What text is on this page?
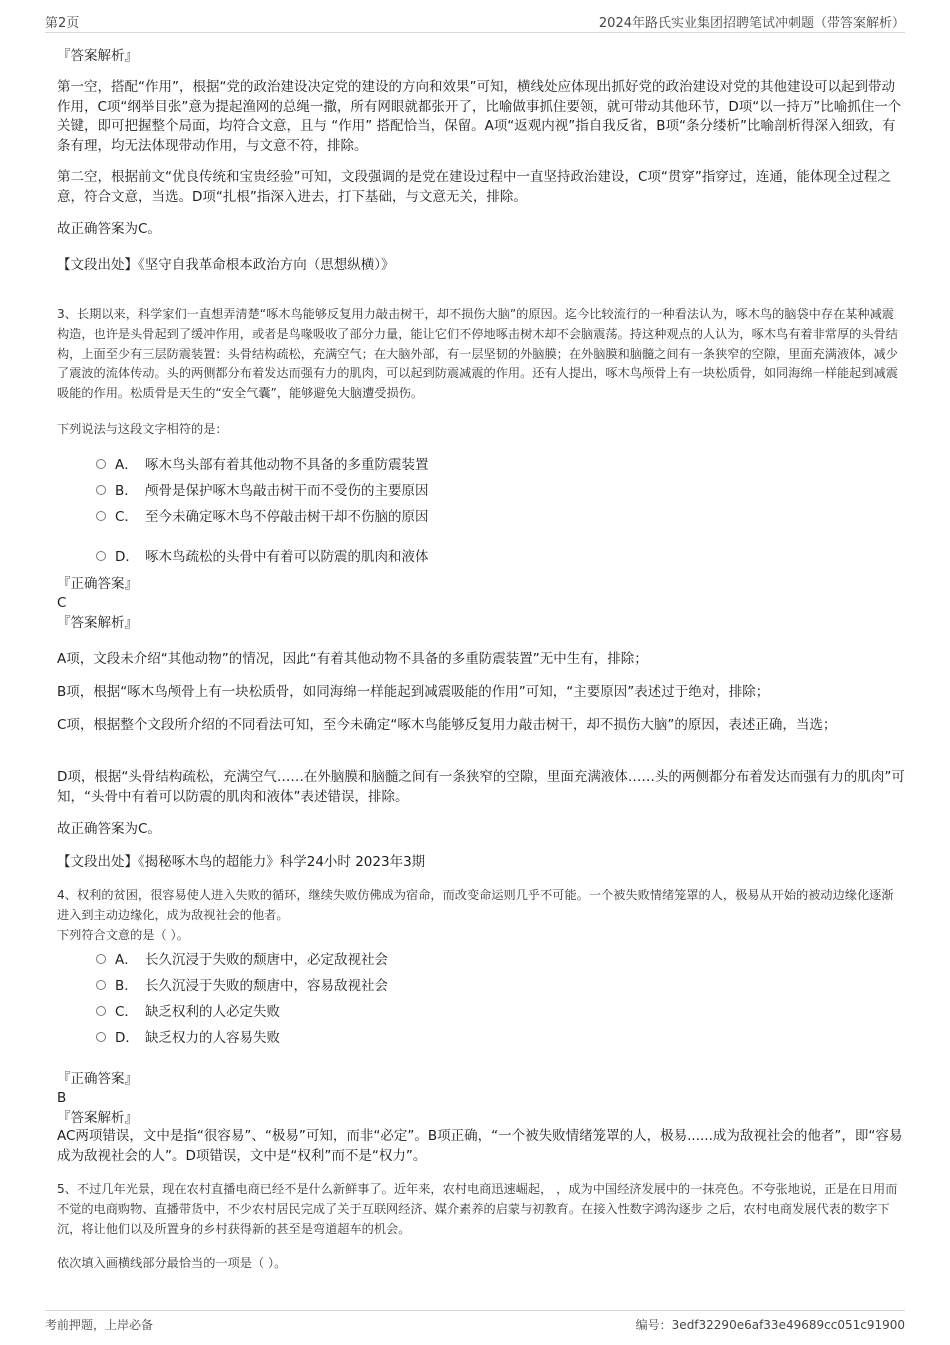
第2页	2024年路氏实业集团招聘笔试冲刺题（带答案解析）

『答案解析』

第一空，搭配“作用”，根据“党的政治建设决定党的建设的方向和效果”可知，横线处应体现出抓好党的政治建设对党的其他建设可以起到带动作用，C项“纲举目张”意为提起渔网的总绳一撒，所有网眼就都张开了，比喻做事抓住要领，就可带动其他环节，D项“以一持万”比喻抓住一个关键，即可把握整个局面，均符合文意，且与 “作用” 搭配恰当，保留。A项“返观内视”指自我反省，B项“条分缕析”比喻剖析得深入细致，有条有理，均无法体现带动作用，与文意不符，排除。

第二空，根据前文“优良传统和宝贵经验”可知，文段强调的是党在建设过程中一直坚持政治建设，C项“贯穿”指穿过，连通，能体现全过程之意，符合文意，当选。D项“扎根”指深入进去，打下基础，与文意无关，排除。

故正确答案为C。

【文段出处】《坚守自我革命根本政治方向（思想纵横）》

3、长期以来，科学家们一直想弄清楚“啄木鸟能够反复用力敲击树干，却不损伤大脑”的原因。迄今比较流行的一种看法认为，啄木鸟的脑袋中存在某种减震构造，也许是头骨起到了缓冲作用，或者是鸟喙吸收了部分力量，能让它们不停地啄击树木却不会脑震荡。持这种观点的人认为，啄木鸟有着非常厚的头骨结构，上面至少有三层防震装置：头骨结构疏松，充满空气；在大脑外部，有一层坚韧的外脑膜；在外脑膜和脑髓之间有一条狭窄的空隙，里面充满液体，减少了震波的流体传动。头的两侧都分布着发达而强有力的肌肉，可以起到防震减震的作用。还有人提出，啄木鸟颅骨上有一块松质骨，如同海绵一样能起到减震吸能的作用。松质骨是天生的“安全气囊”，能够避免大脑遭受损伤。

下列说法与这段文字相符的是：

A． 啄木鸟头部有着其他动物不具备的多重防震装置
B． 颅骨是保护啄木鸟敲击树干而不受伤的主要原因
C． 至今未确定啄木鸟不停敲击树干却不伤脑的原因
D． 啄木鸟疏松的头骨中有着可以防震的肌肉和液体

『正确答案』

C

『答案解析』

A项，文段未介绍“其他动物”的情况，因此“有着其他动物不具备的多重防震装置”无中生有，排除；

B项，根据“啄木鸟颅骨上有一块松质骨，如同海绵一样能起到减震吸能的作用”可知，“主要原因”表述过于绝对，排除；

C项，根据整个文段所介绍的不同看法可知，至今未确定“啄木鸟能够反复用力敲击树干，却不损伤大脑”的原因，表述正确，当选；

D项，根据“头骨结构疏松，充满空气……在外脑膜和脑髓之间有一条狭窄的空隙，里面充满液体……头的两侧都分布着发达而强有力的肌肉”可知，“头骨中有着可以防震的肌肉和液体”表述错误，排除。

故正确答案为C。

【文段出处】《揭秘啄木鸟的超能力》科学24小时 2023年3期

4、权利的贫困，很容易使人进入失败的循环，继续失败仿佛成为宿命，而改变命运则几乎不可能。一个被失败情绪笼罩的人，极易从开始的被动边缘化逐渐进入到主动边缘化，成为敌视社会的他者。

下列符合文意的是（ ）。

A． 长久沉浸于失败的颓唐中，必定敌视社会
B． 长久沉浸于失败的颓唐中，容易敌视社会
C． 缺乏权利的人必定失败
D． 缺乏权力的人容易失败

『正确答案』

B

『答案解析』

AC两项错误，文中是指“很容易”、“极易”可知，而非“必定”。B项正确，“一个被失败情绪笼罩的人，极易......成为敌视社会的他者”，即“容易成为敌视社会的人”。D项错误，文中是“权利”而不是“权力”。

5、不过几年光景，现在农村直播电商已经不是什么新鲜事了。近年来，农村电商迅速崛起， ，成为中国经济发展中的一抹亮色。不夸张地说，正是在日用而不觉的电商购物、直播带货中，不少农村居民完成了关于互联网经济、媒介素养的启蒙与初教育。在接入性数字鸿沟逐步 之后，农村电商发展代表的数字下沉，将让他们以及所置身的乡村获得新的甚至是弯道超车的机会。

依次填入画横线部分最恰当的一项是（ ）。

考前押题，上岸必备	编号：3edf32290e6af33e49689cc051c91900
